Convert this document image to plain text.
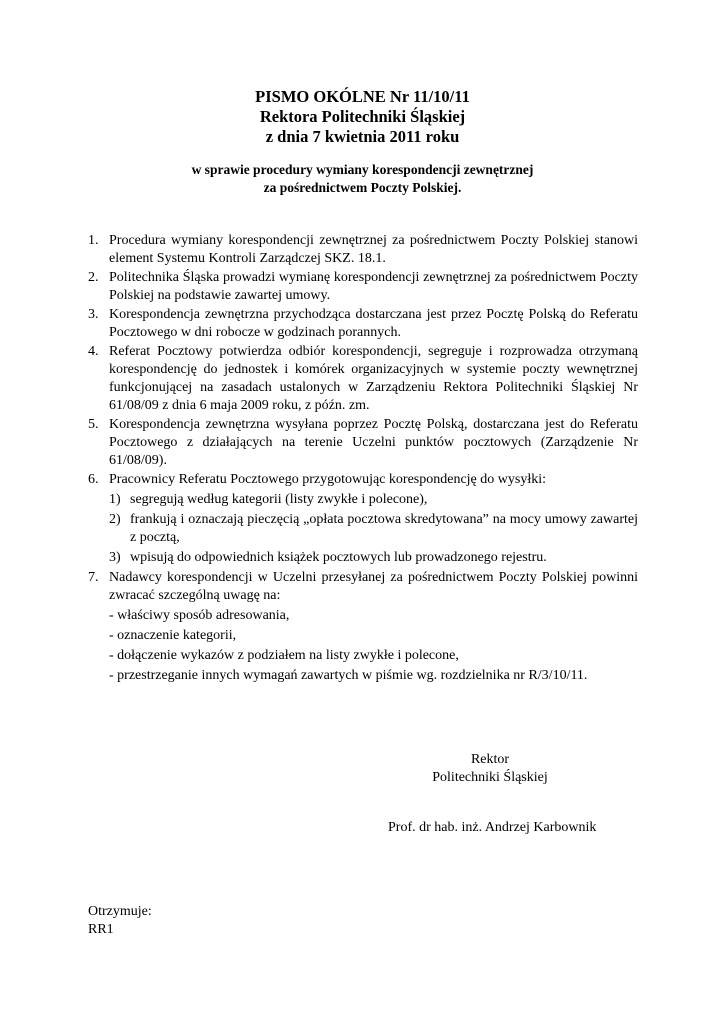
PISMO OKÓLNE Nr 11/10/11
Rektora Politechniki Śląskiej
z dnia 7 kwietnia 2011 roku
w sprawie procedury wymiany korespondencji zewnętrznej
za pośrednictwem Poczty Polskiej.
1. Procedura wymiany korespondencji zewnętrznej za pośrednictwem Poczty Polskiej stanowi element Systemu Kontroli Zarządczej SKZ. 18.1.
2. Politechnika Śląska prowadzi wymianę korespondencji zewnętrznej za pośrednictwem Poczty Polskiej na podstawie zawartej umowy.
3. Korespondencja zewnętrzna przychodząca dostarczana jest przez Pocztę Polską do Referatu Pocztowego w dni robocze w godzinach porannych.
4. Referat Pocztowy potwierdza odbiór korespondencji, segreguje i rozprowadza otrzymaną korespondencję do jednostek i komórek organizacyjnych w systemie poczty wewnętrznej funkcjonującej na zasadach ustalonych w Zarządzeniu Rektora Politechniki Śląskiej Nr 61/08/09 z dnia 6 maja 2009 roku, z późn. zm.
5. Korespondencja zewnętrzna wysyłana poprzez Pocztę Polską, dostarczana jest do Referatu Pocztowego z działających na terenie Uczelni punktów pocztowych (Zarządzenie Nr 61/08/09).
6. Pracownicy Referatu Pocztowego przygotowując korespondencję do wysyłki:
1) segregują według kategorii (listy zwykłe i polecone),
2) frankują i oznaczają pieczęcią „opłata pocztowa skredytowana” na mocy umowy zawartej z pocztą,
3) wpisują do odpowiednich książek pocztowych lub prowadzonego rejestru.
7. Nadawcy korespondencji w Uczelni przesyłanej za pośrednictwem Poczty Polskiej powinni zwracać szczególną uwagę na:
- właściwy sposób adresowania,
- oznaczenie kategorii,
- dołączenie wykazów z podziałem na listy zwykłe i polecone,
- przestrzeganie innych wymagań zawartych w piśmie wg. rozdzielnika nr R/3/10/11.
Rektor
Politechniki Śląskiej
Prof. dr hab. inż. Andrzej Karbownik
Otrzymuje:
RR1
